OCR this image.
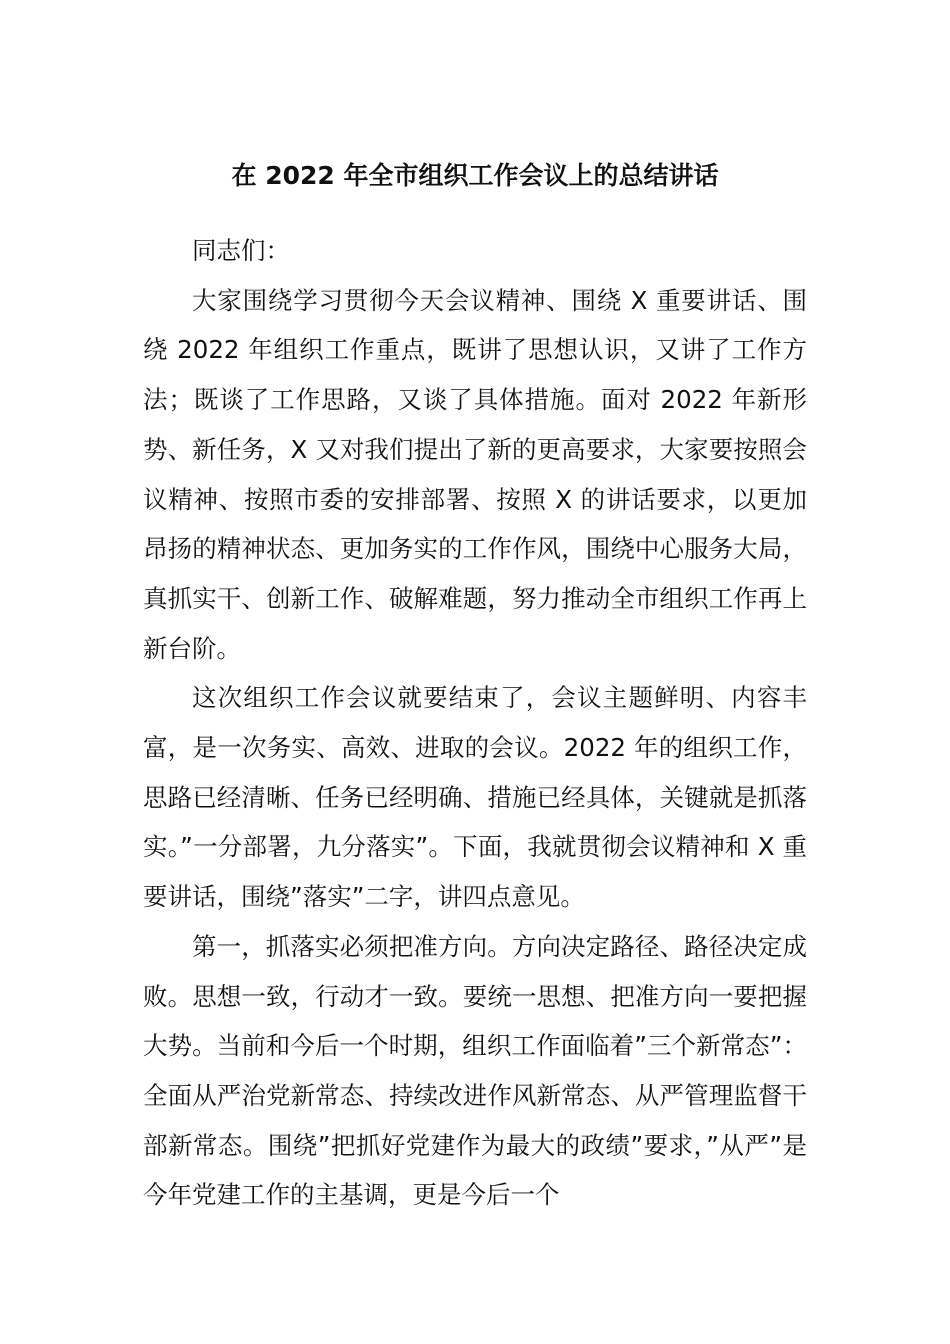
在 2022 年全市组织工作会议上的总结讲话

同志们：

大家围绕学习贯彻今天会议精神、围绕 X 重要讲话、围绕 2022 年组织工作重点，既讲了思想认识，又讲了工作方法；既谈了工作思路，又谈了具体措施。面对 2022 年新形势、新任务，X 又对我们提出了新的更高要求，大家要按照会议精神、按照市委的安排部署、按照 X 的讲话要求，以更加昂扬的精神状态、更加务实的工作作风，围绕中心服务大局，真抓实干、创新工作、破解难题，努力推动全市组织工作再上新台阶。

这次组织工作会议就要结束了，会议主题鲜明、内容丰富，是一次务实、高效、进取的会议。2022 年的组织工作，思路已经清晰、任务已经明确、措施已经具体，关键就是抓落实。”一分部署，九分落实”。下面，我就贯彻会议精神和 X 重要讲话，围绕”落实”二字，讲四点意见。

第一，抓落实必须把准方向。方向决定路径、路径决定成败。思想一致，行动才一致。要统一思想、把准方向一要把握大势。当前和今后一个时期，组织工作面临着”三个新常态”：全面从严治党新常态、持续改进作风新常态、从严管理监督干部新常态。围绕”把抓好党建作为最大的政绩”要求，”从严”是今年党建工作的主基调，更是今后一个
